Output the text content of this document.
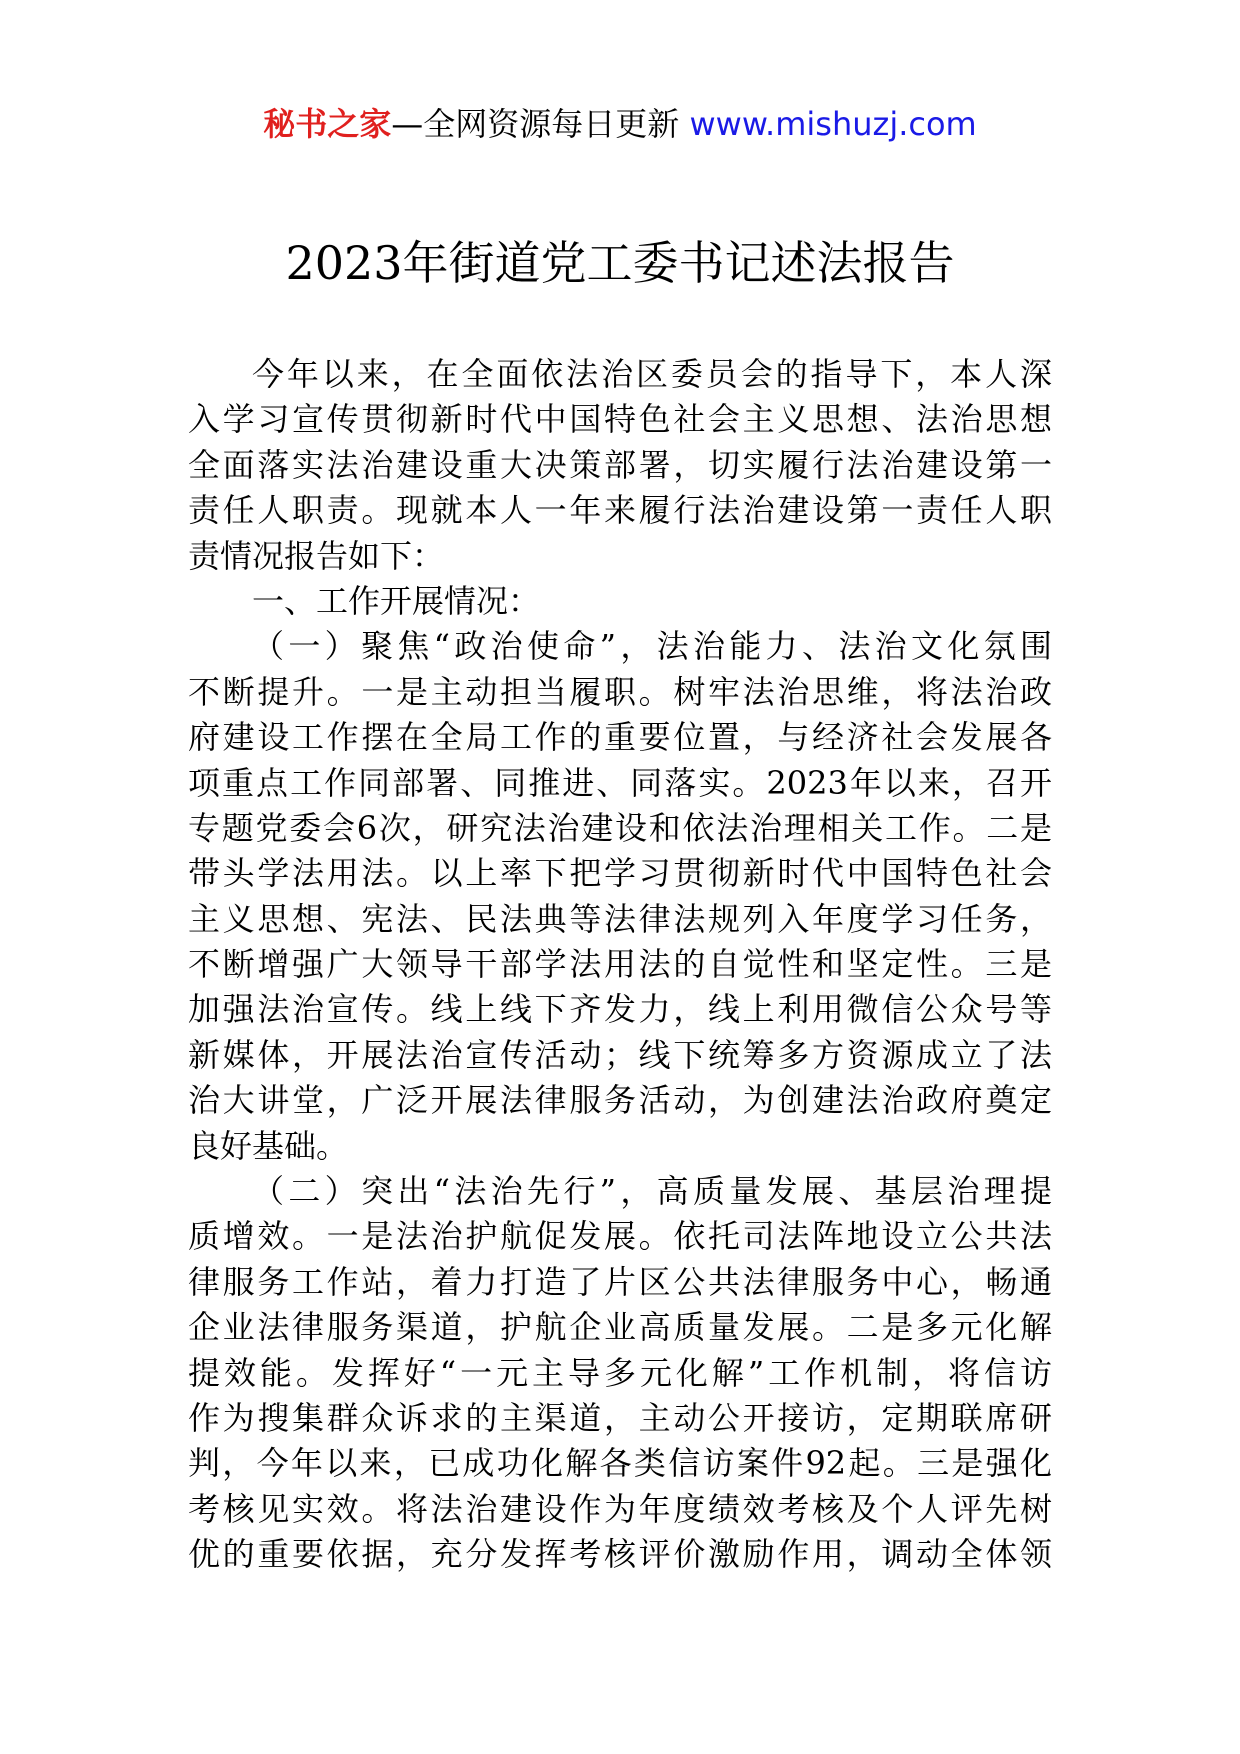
秘书之家—全网资源每日更新 www.mishuzj.com
2023年街道党工委书记述法报告
今年以来，在全面依法治区委员会的指导下，本人深
入学习宣传贯彻新时代中国特色社会主义思想、法治思想
全面落实法治建设重大决策部署，切实履行法治建设第一
责任人职责。现就本人一年来履行法治建设第一责任人职
责情况报告如下：
一、工作开展情况：
（一）聚焦“政治使命”，法治能力、法治文化氛围
不断提升。一是主动担当履职。树牢法治思维，将法治政
府建设工作摆在全局工作的重要位置，与经济社会发展各
项重点工作同部署、同推进、同落实。2023年以来，召开
专题党委会6次，研究法治建设和依法治理相关工作。二是
带头学法用法。以上率下把学习贯彻新时代中国特色社会
主义思想、宪法、民法典等法律法规列入年度学习任务，
不断增强广大领导干部学法用法的自觉性和坚定性。三是
加强法治宣传。线上线下齐发力，线上利用微信公众号等
新媒体，开展法治宣传活动；线下统筹多方资源成立了法
治大讲堂，广泛开展法律服务活动，为创建法治政府奠定
良好基础。
（二）突出“法治先行”，高质量发展、基层治理提
质增效。一是法治护航促发展。依托司法阵地设立公共法
律服务工作站，着力打造了片区公共法律服务中心，畅通
企业法律服务渠道，护航企业高质量发展。二是多元化解
提效能。发挥好“一元主导多元化解”工作机制，将信访
作为搜集群众诉求的主渠道，主动公开接访，定期联席研
判，今年以来，已成功化解各类信访案件92起。三是强化
考核见实效。将法治建设作为年度绩效考核及个人评先树
优的重要依据，充分发挥考核评价激励作用，调动全体领
